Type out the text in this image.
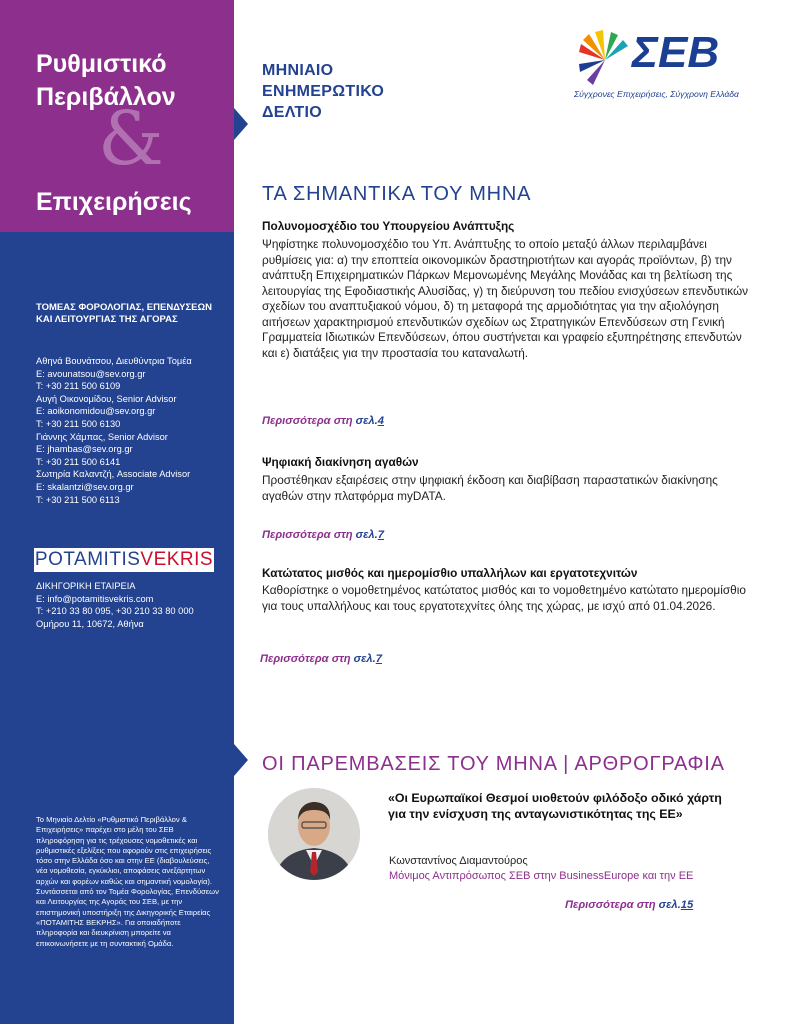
Ρυθμιστικό
Περιβάλλον
&
Επιχειρήσεις
ΜΗΝΙΑΙΟ
ΕΝΗΜΕΡΩΤΙΚΟ
ΔΕΛΤΙΟ
ΣΕΒ
Σύγχρονες Επιχειρήσεις, Σύγχρονη Ελλάδα
ΤΟΜΕΑΣ ΦΟΡΟΛΟΓΙΑΣ, ΕΠΕΝΔΥΣΕΩΝ ΚΑΙ ΛΕΙΤΟΥΡΓΙΑΣ ΤΗΣ ΑΓΟΡΑΣ
Αθηνά Βουνάτσου, Διευθύντρια Τομέα
E: avounatsou@sev.org.gr
T: +30 211 500 6109
Αυγή Οικονομίδου, Senior Advisor
E: aoikonomidou@sev.org.gr
T: +30 211 500 6130
Γιάννης Χάμπας, Senior Advisor
E: jhambas@sev.org.gr
T: +30 211 500 6141
Σωτηρία Καλαντζή, Associate Advisor
E: skalantzi@sev.org.gr
T: +30 211 500 6113
POTAMITISVEKRIS
ΔΙΚΗΓΟΡΙΚΗ ΕΤΑΙΡΕΙΑ
E: info@potamitisvekris.com
T: +210 33 80 095, +30 210 33 80 000
Ομήρου 11, 10672, Αθήνα
Το Μηνιαίο Δελτίο «Ρυθμιστικό Περιβάλλον & Επιχειρήσεις» παρέχει στο μέλη του ΣΕΒ πληροφόρηση για τις τρέχουσες νομοθετικές και ρυθμιστικές εξελίξεις που αφορούν στις επιχειρήσεις τόσο στην Ελλάδα όσο και στην ΕΕ (διαβουλεύσεις, νέα νομοθεσία, εγκύκλιοι, αποφάσεις ανεξάρτητων αρχών και φορέων καθώς και σημαντική νομολογία). Συντάσσεται από τον Τομέα Φορολογίας, Επενδύσεων και Λειτουργίας της Αγοράς του ΣΕΒ, με την επιστημονική υποστήριξη της Δικηγορικής Εταιρείας «ΠΟΤΑΜΙΤΗΣ ΒΕΚΡΗΣ». Για οποιαδήποτε πληροφορία και διευκρίνιση μπορείτε να επικοινωνήσετε με τη συντακτική Ομάδα.
ΤΑ ΣΗΜΑΝΤΙΚΑ ΤΟΥ ΜΗΝΑ
Πολυνομοσχέδιο του Υπουργείου Ανάπτυξης
Ψηφίστηκε πολυνομοσχέδιο του Υπ. Ανάπτυξης το οποίο μεταξύ άλλων περιλαμβάνει ρυθμίσεις για: α) την εποπτεία οικονομικών δραστηριοτήτων και αγοράς προϊόντων, β) την ανάπτυξη Επιχειρηματικών Πάρκων Μεμονωμένης Μεγάλης Μονάδας και τη βελτίωση της λειτουργίας της Εφοδιαστικής Αλυσίδας, γ) τη διεύρυνση του πεδίου ενισχύσεων επενδυτικών σχεδίων του αναπτυξιακού νόμου, δ) τη μεταφορά της αρμοδιότητας για την αξιολόγηση αιτήσεων χαρακτηρισμού επενδυτικών σχεδίων ως Στρατηγικών Επενδύσεων στη Γενική Γραμματεία Ιδιωτικών Επενδύσεων, όπου συστήνεται και γραφείο εξυπηρέτησης επενδυτών και ε) διατάξεις για την προστασία του καταναλωτή.
Περισσότερα στη σελ.4
Ψηφιακή διακίνηση αγαθών
Προστέθηκαν εξαιρέσεις στην ψηφιακή έκδοση και διαβίβαση παραστατικών διακίνησης αγαθών στην πλατφόρμα myDATA.
Περισσότερα στη σελ.7
Κατώτατος μισθός και ημερομίσθιο υπαλλήλων και εργατοτεχνιτών
Καθορίστηκε ο νομοθετημένος κατώτατος μισθός και το νομοθετημένο κατώτατο ημερομίσθιο για τους υπαλλήλους και τους εργατοτεχνίτες όλης της χώρας, με ισχύ από 01.04.2026.
Περισσότερα στη σελ.7
ΟΙ ΠΑΡΕΜΒΑΣΕΙΣ ΤΟΥ ΜΗΝΑ | ΑΡΘΡΟΓΡΑΦΙΑ
«Οι Ευρωπαϊκοί Θεσμοί υιοθετούν φιλόδοξο οδικό χάρτη για την ενίσχυση της ανταγωνιστικότητας της ΕΕ»
Κωνσταντίνος Διαμαντούρος
Μόνιμος Αντιπρόσωπος ΣΕΒ στην BusinessEurope και την ΕΕ
Περισσότερα στη σελ.15
